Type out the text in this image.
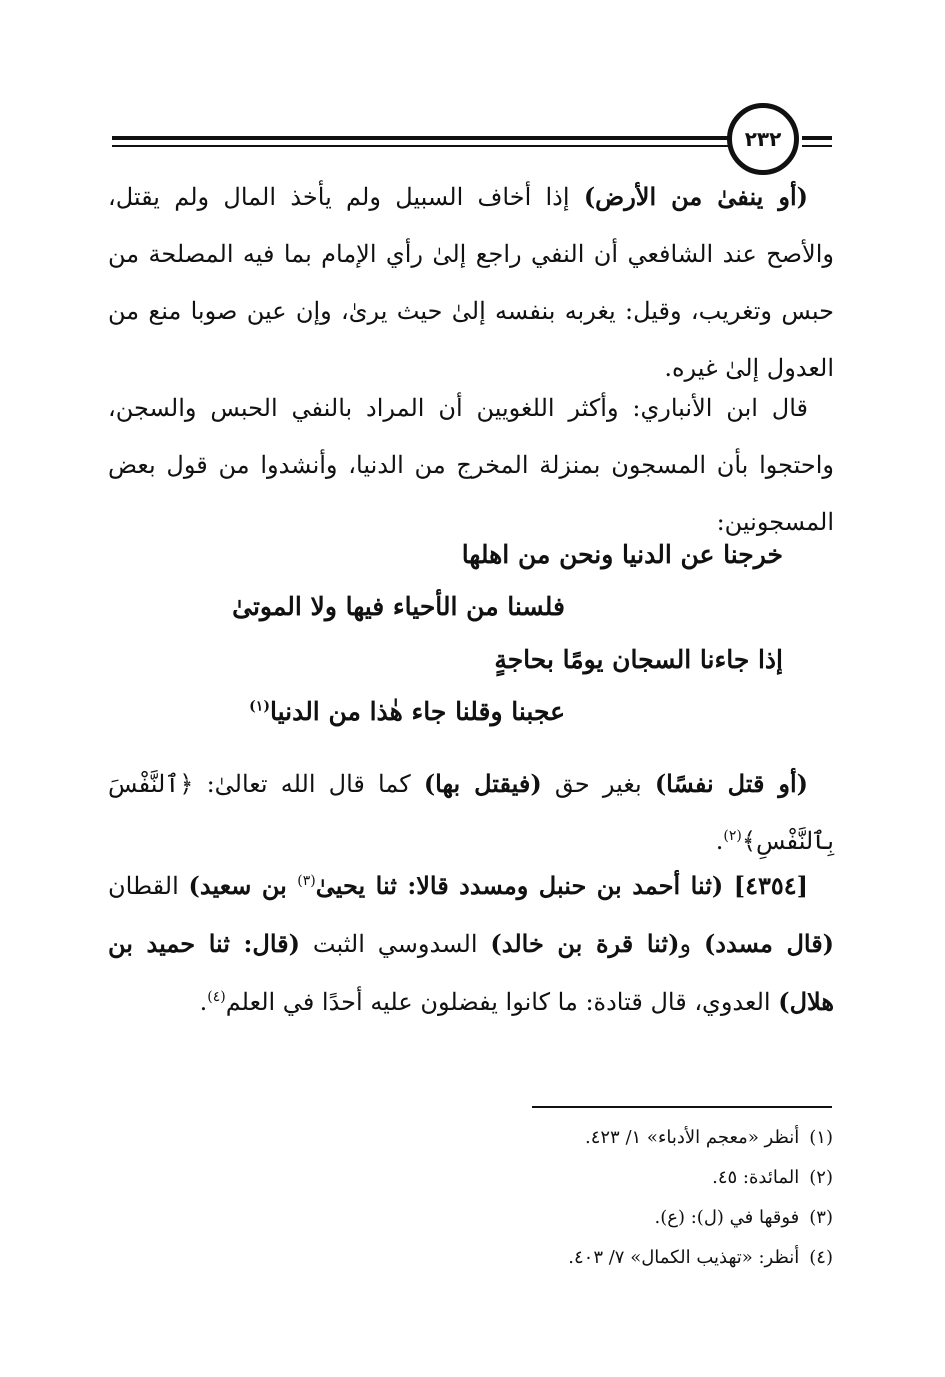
٢٣٢

(أو ينفىٰ من الأرض) إذا أخاف السبيل ولم يأخذ المال ولم يقتل، والأصح عند الشافعي أن النفي راجع إلىٰ رأي الإمام بما فيه المصلحة من حبس وتغريب، وقيل: يغربه بنفسه إلىٰ حيث يرىٰ، وإن عين صوبا منع من العدول إلىٰ غيره.

قال ابن الأنباري: وأكثر اللغويين أن المراد بالنفي الحبس والسجن، واحتجوا بأن المسجون بمنزلة المخرج من الدنيا، وأنشدوا من قول بعض المسجونين:

خرجنا عن الدنيا ونحن من اهلها
فلسنا من الأحياء فيها ولا الموتىٰ
إذا جاءنا السجان يومًا بحاجةٍ
عجبنا وقلنا جاء هٰذا من الدنيا$^{(١)}$

(أو قتل نفسًا) بغير حق (فيقتل بها) كما قال الله تعالىٰ: ﴿ٱلنَّفْسَ بِٱلنَّفْسِ﴾$^{(٢)}$.

[٤٣٥٤] (ثنا أحمد بن حنبل ومسدد قالا: ثنا يحيىٰ$^{(٣)}$ بن سعيد) القطان (قال مسدد) و(ثنا قرة بن خالد) السدوسي الثبت (قال: ثنا حميد بن هلال) العدوي، قال قتادة: ما كانوا يفضلون عليه أحدًا في العلم$^{(٤)}$.

(١)أنظر «معجم الأدباء» ١/ ٤٢٣.

(٢)المائدة: ٤٥.

(٣)فوقها في (ل): (ع).

(٤)أنظر: «تهذيب الكمال» ٧/ ٤٠٣.
